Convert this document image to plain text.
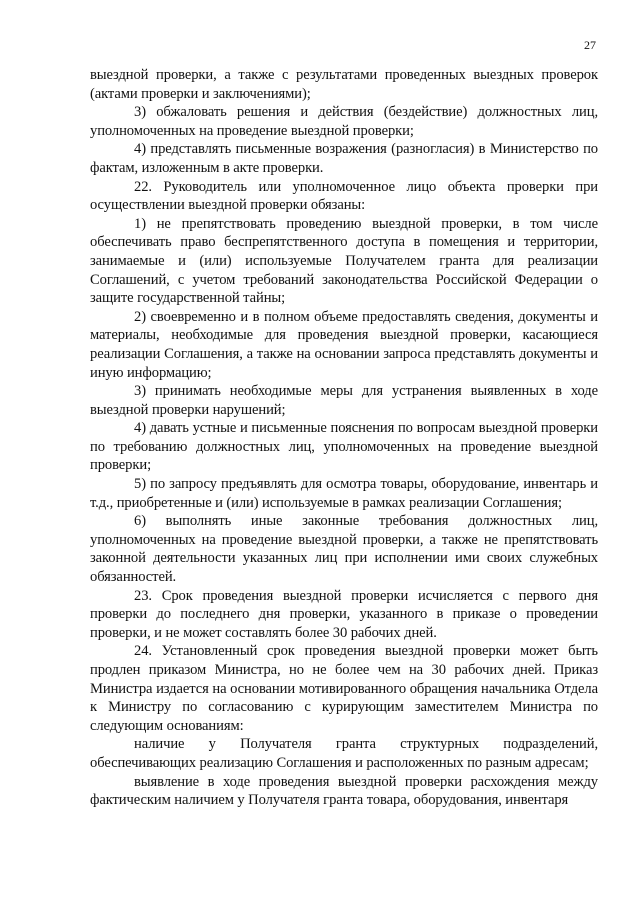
27

выездной проверки, а также с результатами проведенных выездных проверок (актами проверки и заключениями);

3) обжаловать решения и действия (бездействие) должностных лиц, уполномоченных на проведение выездной проверки;

4) представлять письменные возражения (разногласия) в Министерство по фактам, изложенным в акте проверки.

22. Руководитель или уполномоченное лицо объекта проверки при осуществлении выездной проверки обязаны:

1) не препятствовать проведению выездной проверки, в том числе обеспечивать право беспрепятственного доступа в помещения и территории, занимаемые и (или) используемые Получателем гранта для реализации Соглашений, с учетом требований законодательства Российской Федерации о защите государственной тайны;

2) своевременно и в полном объеме предоставлять сведения, документы и материалы, необходимые для проведения выездной проверки, касающиеся реализации Соглашения, а также на основании запроса представлять документы и иную информацию;

3) принимать необходимые меры для устранения выявленных в ходе выездной проверки нарушений;

4) давать устные и письменные пояснения по вопросам выездной проверки по требованию должностных лиц, уполномоченных на проведение выездной проверки;

5) по запросу предъявлять для осмотра товары, оборудование, инвентарь и т.д., приобретенные и (или) используемые в рамках реализации Соглашения;

6) выполнять иные законные требования должностных лиц, уполномоченных на проведение выездной проверки, а также не препятствовать законной деятельности указанных лиц при исполнении ими своих служебных обязанностей.

23. Срок проведения выездной проверки исчисляется с первого дня проверки до последнего дня проверки, указанного в приказе о проведении проверки, и не может составлять более 30 рабочих дней.

24. Установленный срок проведения выездной проверки может быть продлен приказом Министра, но не более чем на 30 рабочих дней. Приказ Министра издается на основании мотивированного обращения начальника Отдела к Министру по согласованию с курирующим заместителем Министра по следующим основаниям:

наличие у Получателя гранта структурных подразделений, обеспечивающих реализацию Соглашения и расположенных по разным адресам;

выявление в ходе проведения выездной проверки расхождения между фактическим наличием у Получателя гранта товара, оборудования, инвентаря
